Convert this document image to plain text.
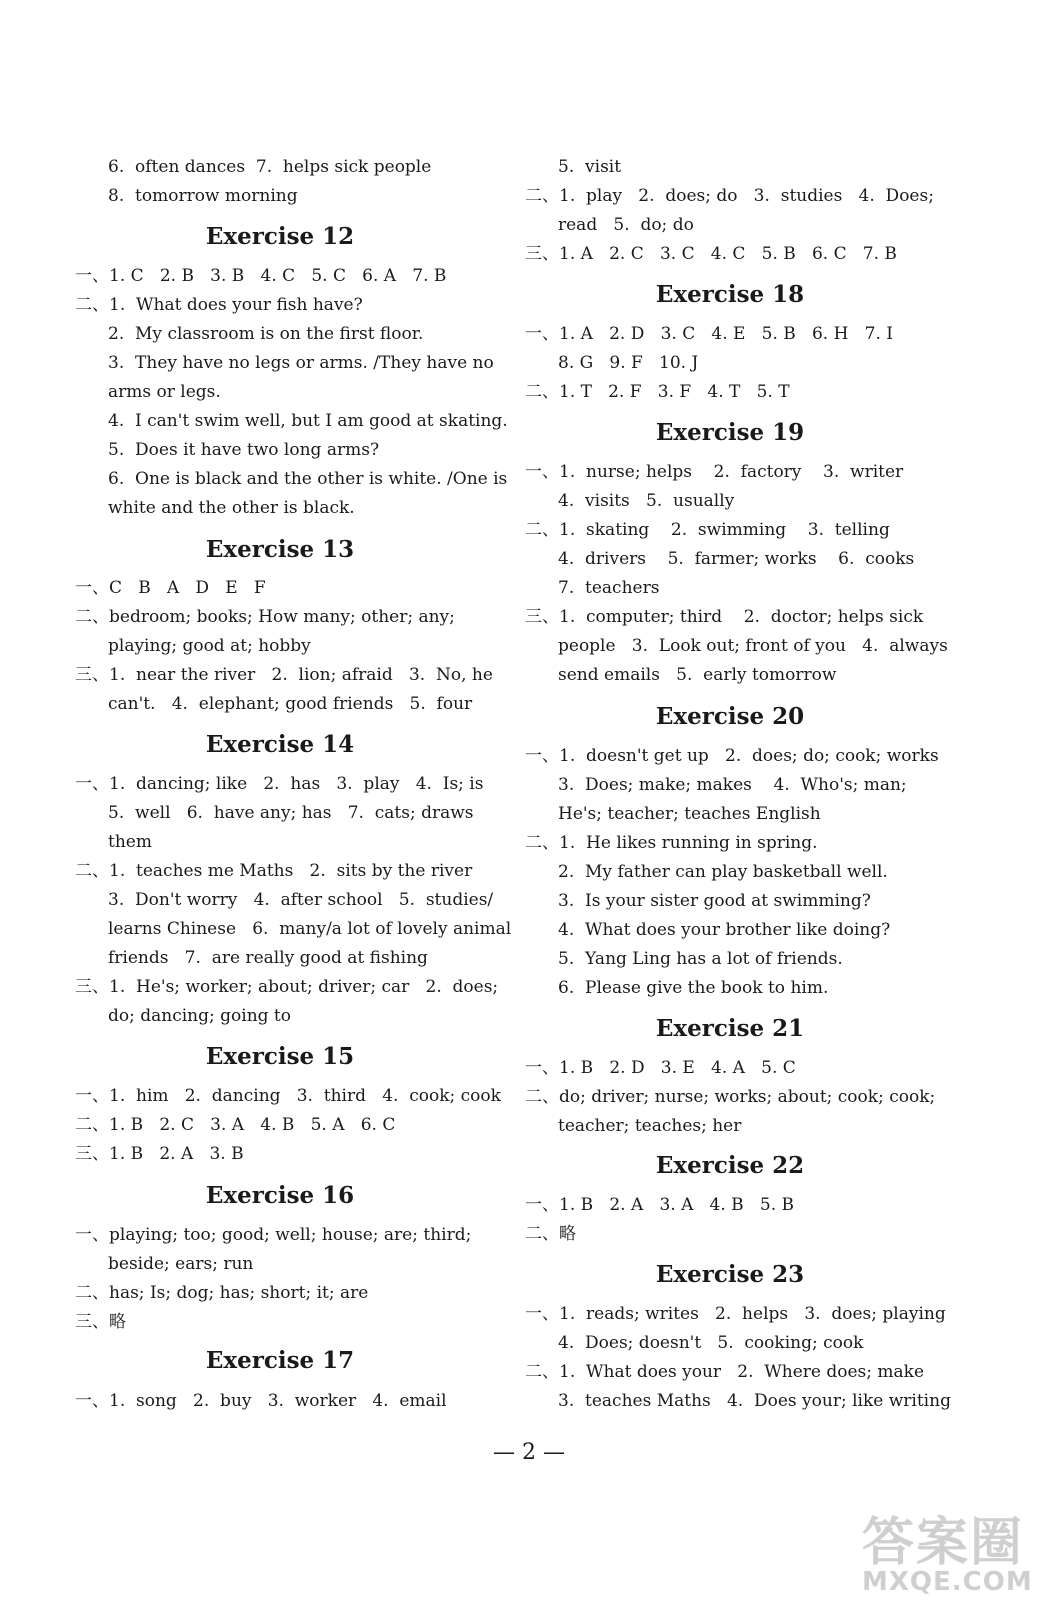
6.  often dances  7.  helps sick people
8.  tomorrow morning
Exercise 12
一、1. C   2. B   3. B   4. C   5. C   6. A   7. B
二、1.  What does your fish have?
2.  My classroom is on the first floor.
3.  They have no legs or arms. /They have no
arms or legs.
4.  I can't swim well, but I am good at skating.
5.  Does it have two long arms?
6.  One is black and the other is white. /One is
white and the other is black.
Exercise 13
一、C   B   A   D   E   F
二、bedroom; books; How many; other; any;
playing; good at; hobby
三、1.  near the river   2.  lion; afraid   3.  No, he
can't.   4.  elephant; good friends   5.  four
Exercise 14
一、1.  dancing; like   2.  has   3.  play   4.  Is; is
5.  well   6.  have any; has   7.  cats; draws
them
二、1.  teaches me Maths   2.  sits by the river
3.  Don't worry   4.  after school   5.  studies/
learns Chinese   6.  many/a lot of lovely animal
friends   7.  are really good at fishing
三、1.  He's; worker; about; driver; car   2.  does;
do; dancing; going to
Exercise 15
一、1.  him   2.  dancing   3.  third   4.  cook; cook
二、1. B   2. C   3. A   4. B   5. A   6. C
三、1. B   2. A   3. B
Exercise 16
一、playing; too; good; well; house; are; third;
beside; ears; run
二、has; Is; dog; has; short; it; are
三、略
Exercise 17
一、1.  song   2.  buy   3.  worker   4.  email
5.  visit
二、1.  play   2.  does; do   3.  studies   4.  Does;
read   5.  do; do
三、1. A   2. C   3. C   4. C   5. B   6. C   7. B
Exercise 18
一、1. A   2. D   3. C   4. E   5. B   6. H   7. I
8. G   9. F   10. J
二、1. T   2. F   3. F   4. T   5. T
Exercise 19
一、1.  nurse; helps    2.  factory    3.  writer
4.  visits   5.  usually
二、1.  skating    2.  swimming    3.  telling
4.  drivers    5.  farmer; works    6.  cooks
7.  teachers
三、1.  computer; third    2.  doctor; helps sick
people   3.  Look out; front of you   4.  always
send emails   5.  early tomorrow
Exercise 20
一、1.  doesn't get up   2.  does; do; cook; works
3.  Does; make; makes    4.  Who's; man;
He's; teacher; teaches English
二、1.  He likes running in spring.
2.  My father can play basketball well.
3.  Is your sister good at swimming?
4.  What does your brother like doing?
5.  Yang Ling has a lot of friends.
6.  Please give the book to him.
Exercise 21
一、1. B   2. D   3. E   4. A   5. C
二、do; driver; nurse; works; about; cook; cook;
teacher; teaches; her
Exercise 22
一、1. B   2. A   3. A   4. B   5. B
二、略
Exercise 23
一、1.  reads; writes   2.  helps   3.  does; playing
4.  Does; doesn't   5.  cooking; cook
二、1.  What does your   2.  Where does; make
3.  teaches Maths   4.  Does your; like writing
— 2 —
答案圈
MXQE.COM
